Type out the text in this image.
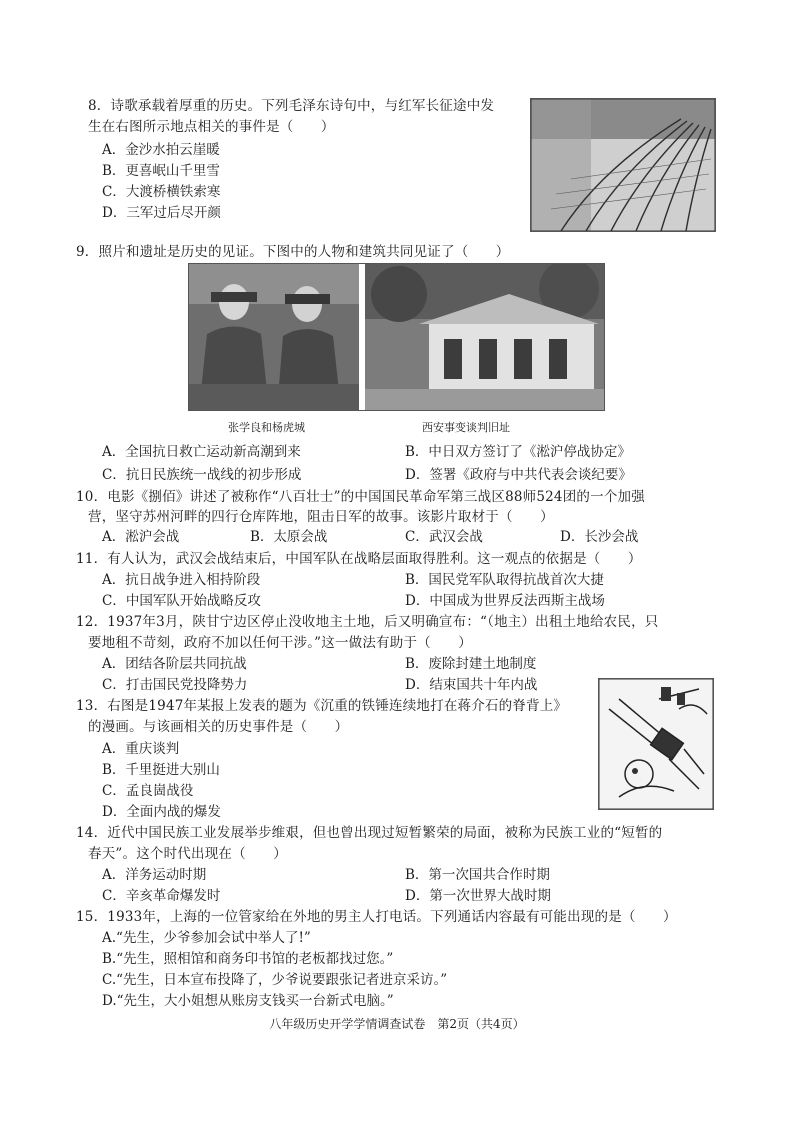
8．诗歌承载着厚重的历史。下列毛泽东诗句中，与红军长征途中发
生在右图所示地点相关的事件是（　　）
A．金沙水拍云崖暖
B．更喜岷山千里雪
C．大渡桥横铁索寒
D．三军过后尽开颜
9．照片和遗址是历史的见证。下图中的人物和建筑共同见证了（　　）
张学良和杨虎城	西安事变谈判旧址
A．全国抗日救亡运动新高潮到来	B．中日双方签订了《淞沪停战协定》
C．抗日民族统一战线的初步形成	D．签署《政府与中共代表会谈纪要》
10．电影《捌佰》讲述了被称作“八百壮士”的中国国民革命军第三战区88师524团的一个加强
营，坚守苏州河畔的四行仓库阵地，阻击日军的故事。该影片取材于（　　）
A．淞沪会战	B．太原会战	C．武汉会战	D．长沙会战
11．有人认为，武汉会战结束后，中国军队在战略层面取得胜利。这一观点的依据是（　　）
A．抗日战争进入相持阶段	B．国民党军队取得抗战首次大捷
C．中国军队开始战略反攻	D．中国成为世界反法西斯主战场
12．1937年3月，陕甘宁边区停止没收地主土地，后又明确宣布：“（地主）出租土地给农民，只
要地租不苛刻，政府不加以任何干涉。”这一做法有助于（　　）
A．团结各阶层共同抗战	B．废除封建土地制度
C．打击国民党投降势力	D．结束国共十年内战
13．右图是1947年某报上发表的题为《沉重的铁锤连续地打在蒋介石的脊背上》
的漫画。与该画相关的历史事件是（　　）
A．重庆谈判
B．千里挺进大别山
C．孟良崮战役
D．全面内战的爆发
14．近代中国民族工业发展举步维艰，但也曾出现过短暂繁荣的局面，被称为民族工业的“短暂的
春天”。这个时代出现在（　　）
A．洋务运动时期	B．第一次国共合作时期
C．辛亥革命爆发时	D．第一次世界大战时期
15．1933年，上海的一位管家给在外地的男主人打电话。下列通话内容最有可能出现的是（　　）
A.“先生，少爷参加会试中举人了!”
B.“先生，照相馆和商务印书馆的老板都找过您。”
C.“先生，日本宣布投降了，少爷说要跟张记者进京采访。”
D.“先生，大小姐想从账房支钱买一台新式电脑。”
八年级历史开学学情调查试卷　第2页（共4页）
